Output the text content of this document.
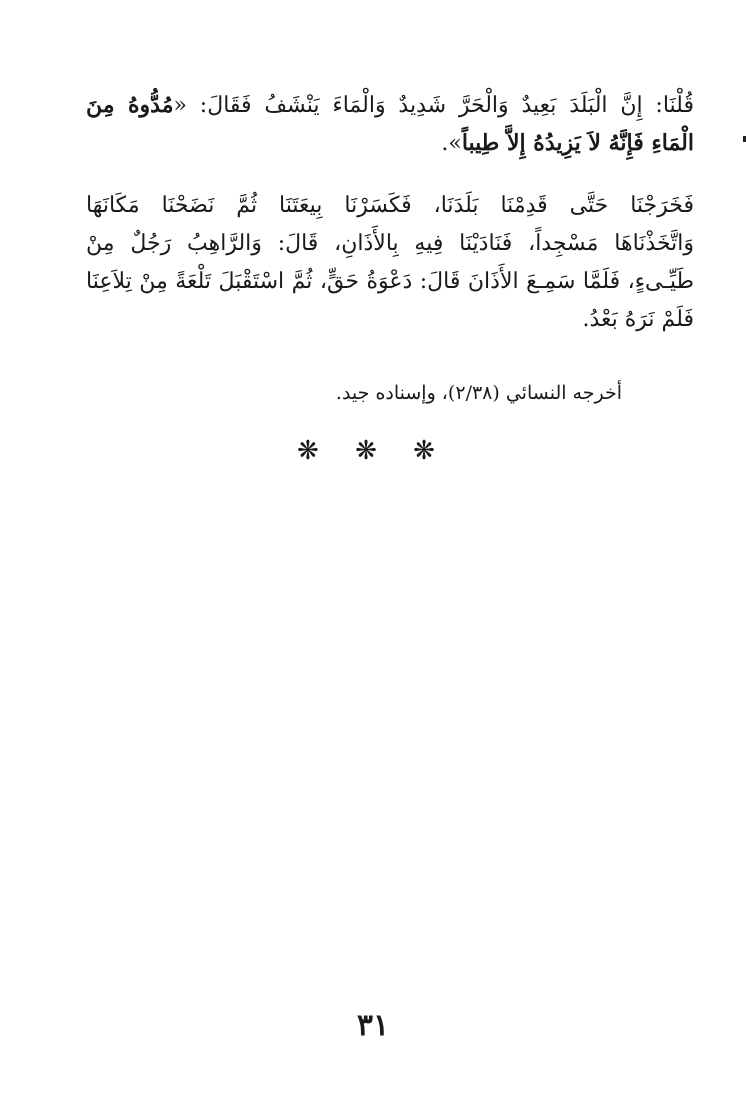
قُلْنَا: إِنَّ الْبَلَدَ بَعِيدٌ وَالْحَرَّ شَدِيدٌ وَالْمَاءَ يَنْشَفُ فَقَالَ: «مُدُّوهُ مِنَ
الْمَاءِ فَإِنَّهُ لاَ يَزِيدُهُ إِلاَّ طِيباً».
فَخَرَجْنَا حَتَّى قَدِمْنَا بَلَدَنَا، فَكَسَرْنَا بِيعَتَنَا ثُمَّ نَضَحْنَا مَكَانَهَا
وَاتَّخَذْنَاهَا مَسْجِداً، فَنَادَيْنَا فِيهِ بِالأَذَانِ، قَالَ: وَالرَّاهِبُ رَجُلٌ مِنْ
طَيِّـىءٍ، فَلَمَّا سَمِـعَ الأَذَانَ قَالَ: دَعْوَةُ حَقٍّ، ثُمَّ اسْتَقْبَلَ تَلْعَةً مِنْ تِلاَعِنَا
فَلَمْ نَرَهُ بَعْدُ.
أخرجه النسائي (٢/٣٨)، وإسناده جيد.
❋ ❋ ❋
٣١
